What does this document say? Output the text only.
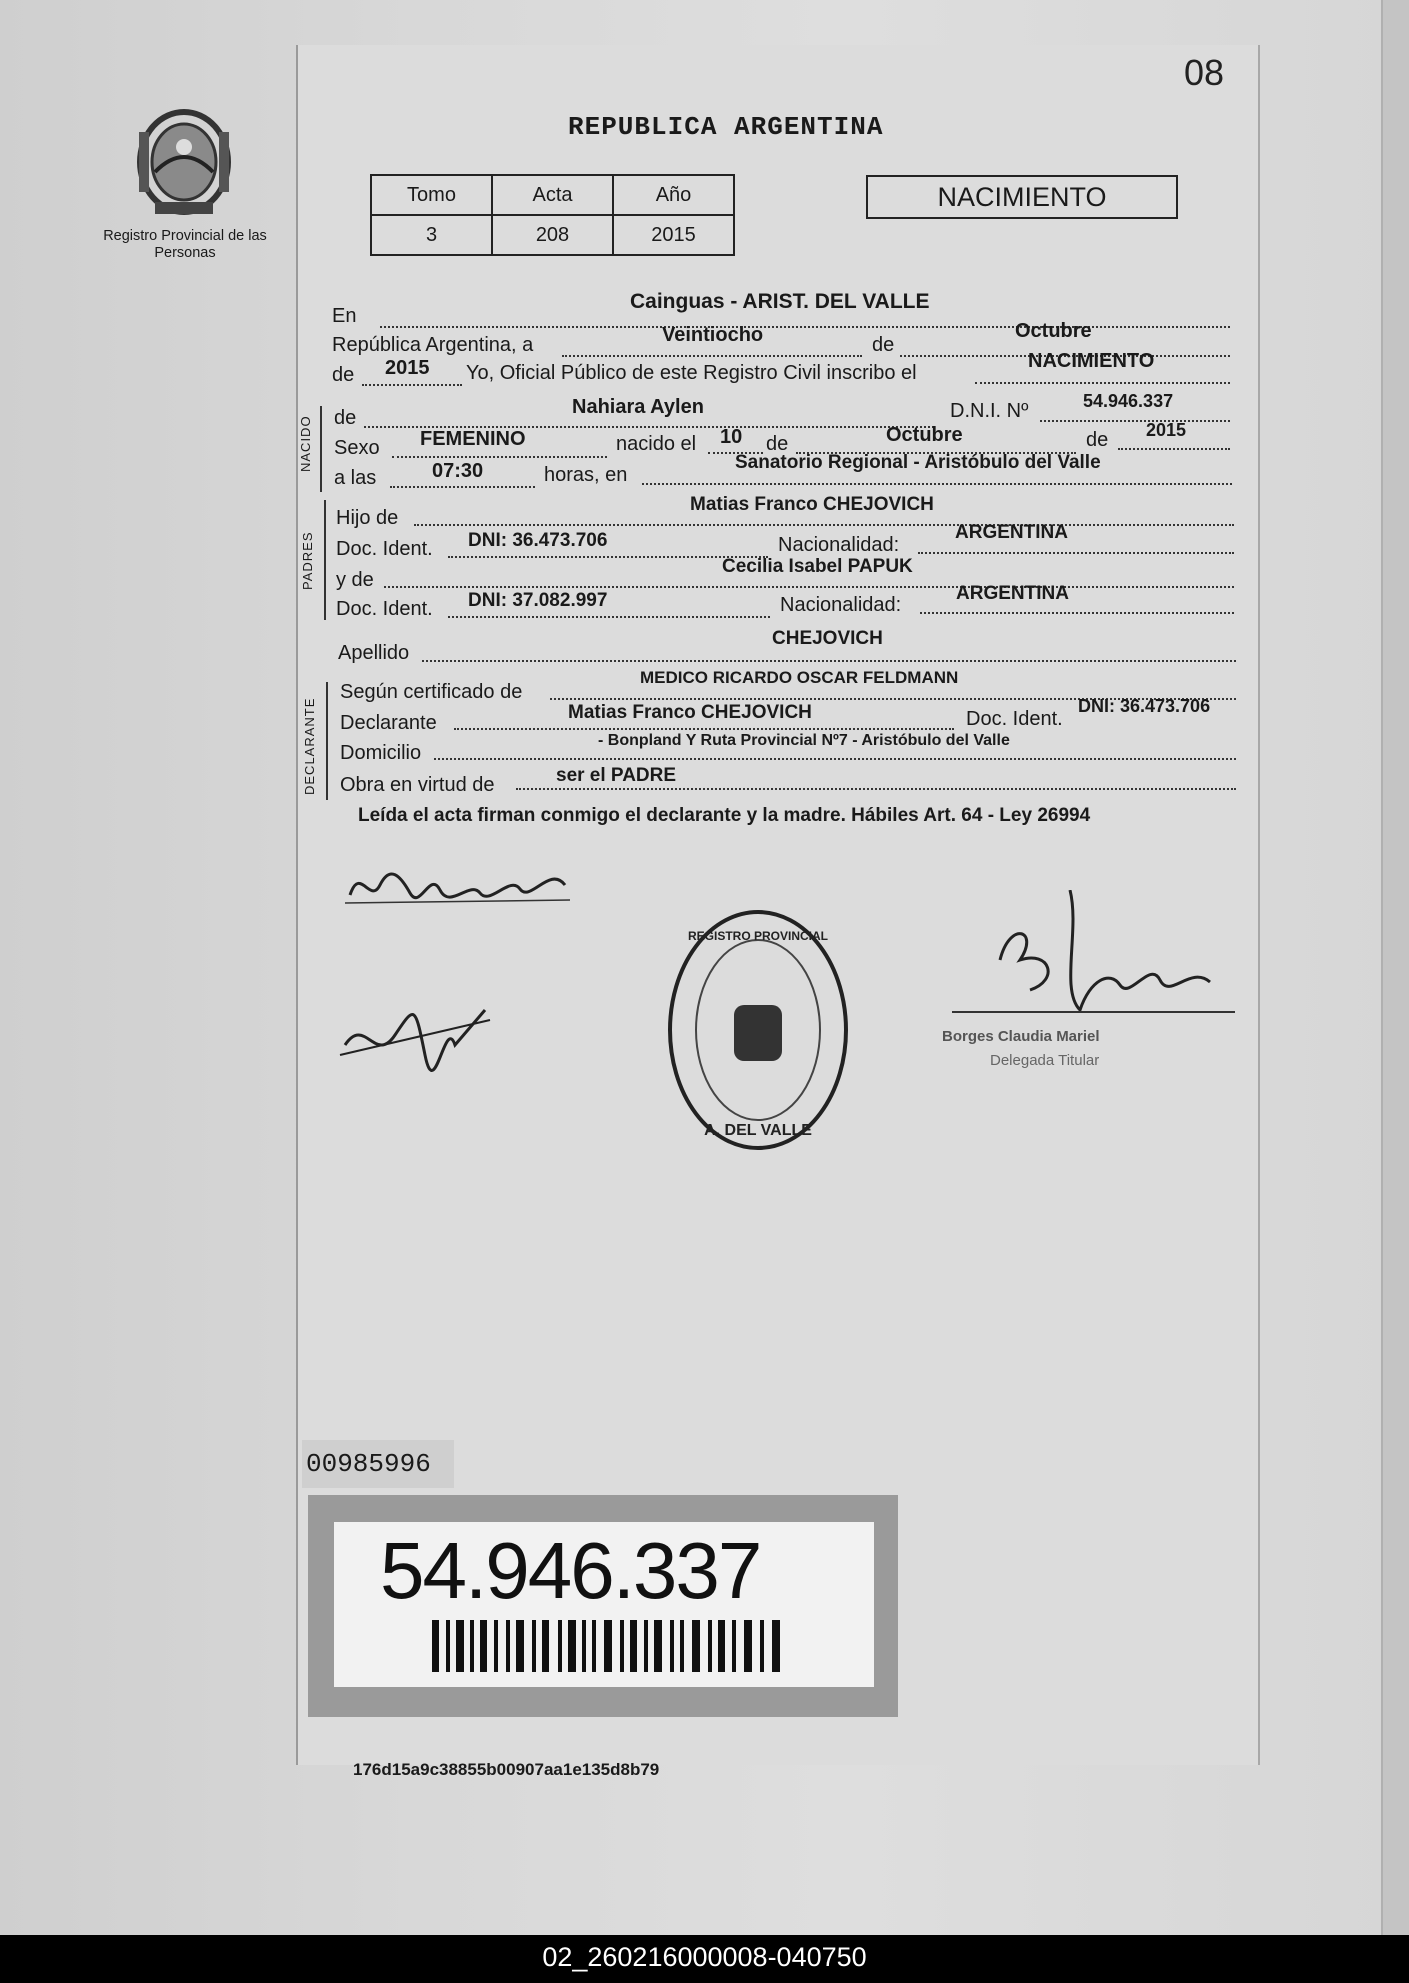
08
Registro Provincial de las Personas
REPUBLICA ARGENTINA
Tomo	Acta	Año
3	208	2015
NACIMIENTO
En
Cainguas - ARIST. DEL VALLE
República Argentina, a	Veintiocho	de
Octubre
de 2015 Yo, Oficial Público de este Registro Civil inscribo el
NACIMIENTO
NACIDO de	Nahiara Aylen	D.N.I. Nº	54.946.337
Sexo FEMENINO	nacido el 10 de	Octubre	de 2015
a las	07:30	horas, en
Sanatorio Regional - Aristóbulo del Valle
PADRES
Hijo de
Matias Franco CHEJOVICH
Doc. Ident. DNI: 36.473.706	Nacionalidad:
ARGENTINA
y de
Cecilia Isabel PAPUK
Doc. Ident. DNI: 37.082.997	Nacionalidad:
ARGENTINA
Apellido
CHEJOVICH
DECLARANTE
Según certificado de
MEDICO RICARDO OSCAR FELDMANN
Declarante	Matias Franco CHEJOVICH	Doc. Ident.
DNI: 36.473.706
Domicilio
- Bonpland Y Ruta Provincial Nº7 - Aristóbulo del Valle
Obra en virtud de	ser el PADRE
Leída el acta firman conmigo el declarante y la madre. Hábiles Art. 64 - Ley 26994
REGISTRO PROVINCIAL
A. DEL VALLE
Borges Claudia Mariel
Delegada Titular
00985996
54.946.337
176d15a9c38855b00907aa1e135d8b79
02_260216000008-040750
